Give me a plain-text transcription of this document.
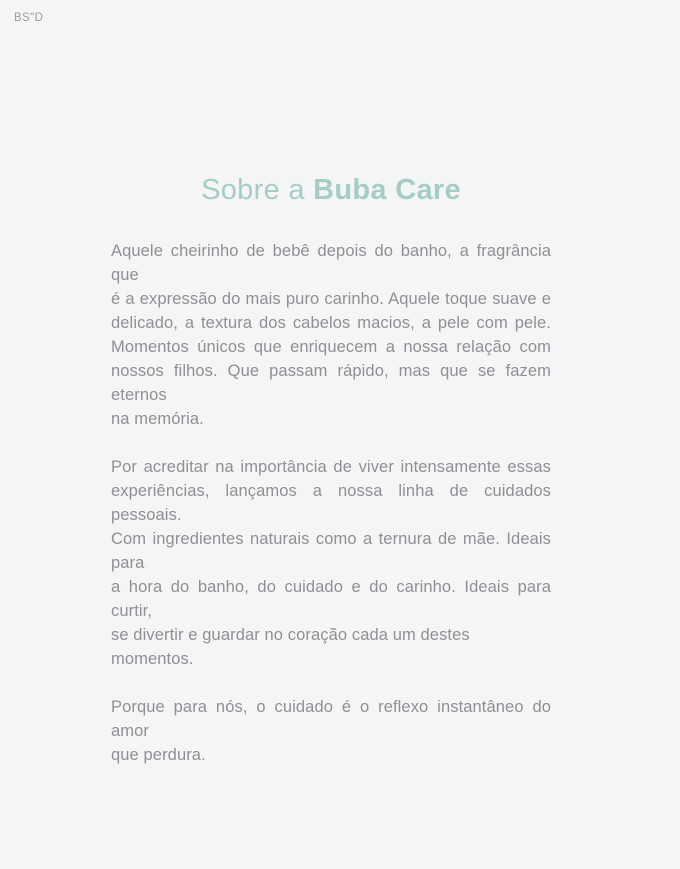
BS"D
Sobre a Buba Care

Aquele cheirinho de bebê depois do banho, a fragrância que
é a expressão do mais puro carinho. Aquele toque suave e
delicado, a textura dos cabelos macios, a pele com pele.
Momentos únicos que enriquecem a nossa relação com
nossos filhos. Que passam rápido, mas que se fazem eternos
na memória.

Por acreditar na importância de viver intensamente essas
experiências, lançamos a nossa linha de cuidados pessoais.
Com ingredientes naturais como a ternura de mãe. Ideais para
a hora do banho, do cuidado e do carinho. Ideais para curtir,
se divertir e guardar no coração cada um destes momentos.

Porque para nós, o cuidado é o reflexo instantâneo do amor
que perdura.
